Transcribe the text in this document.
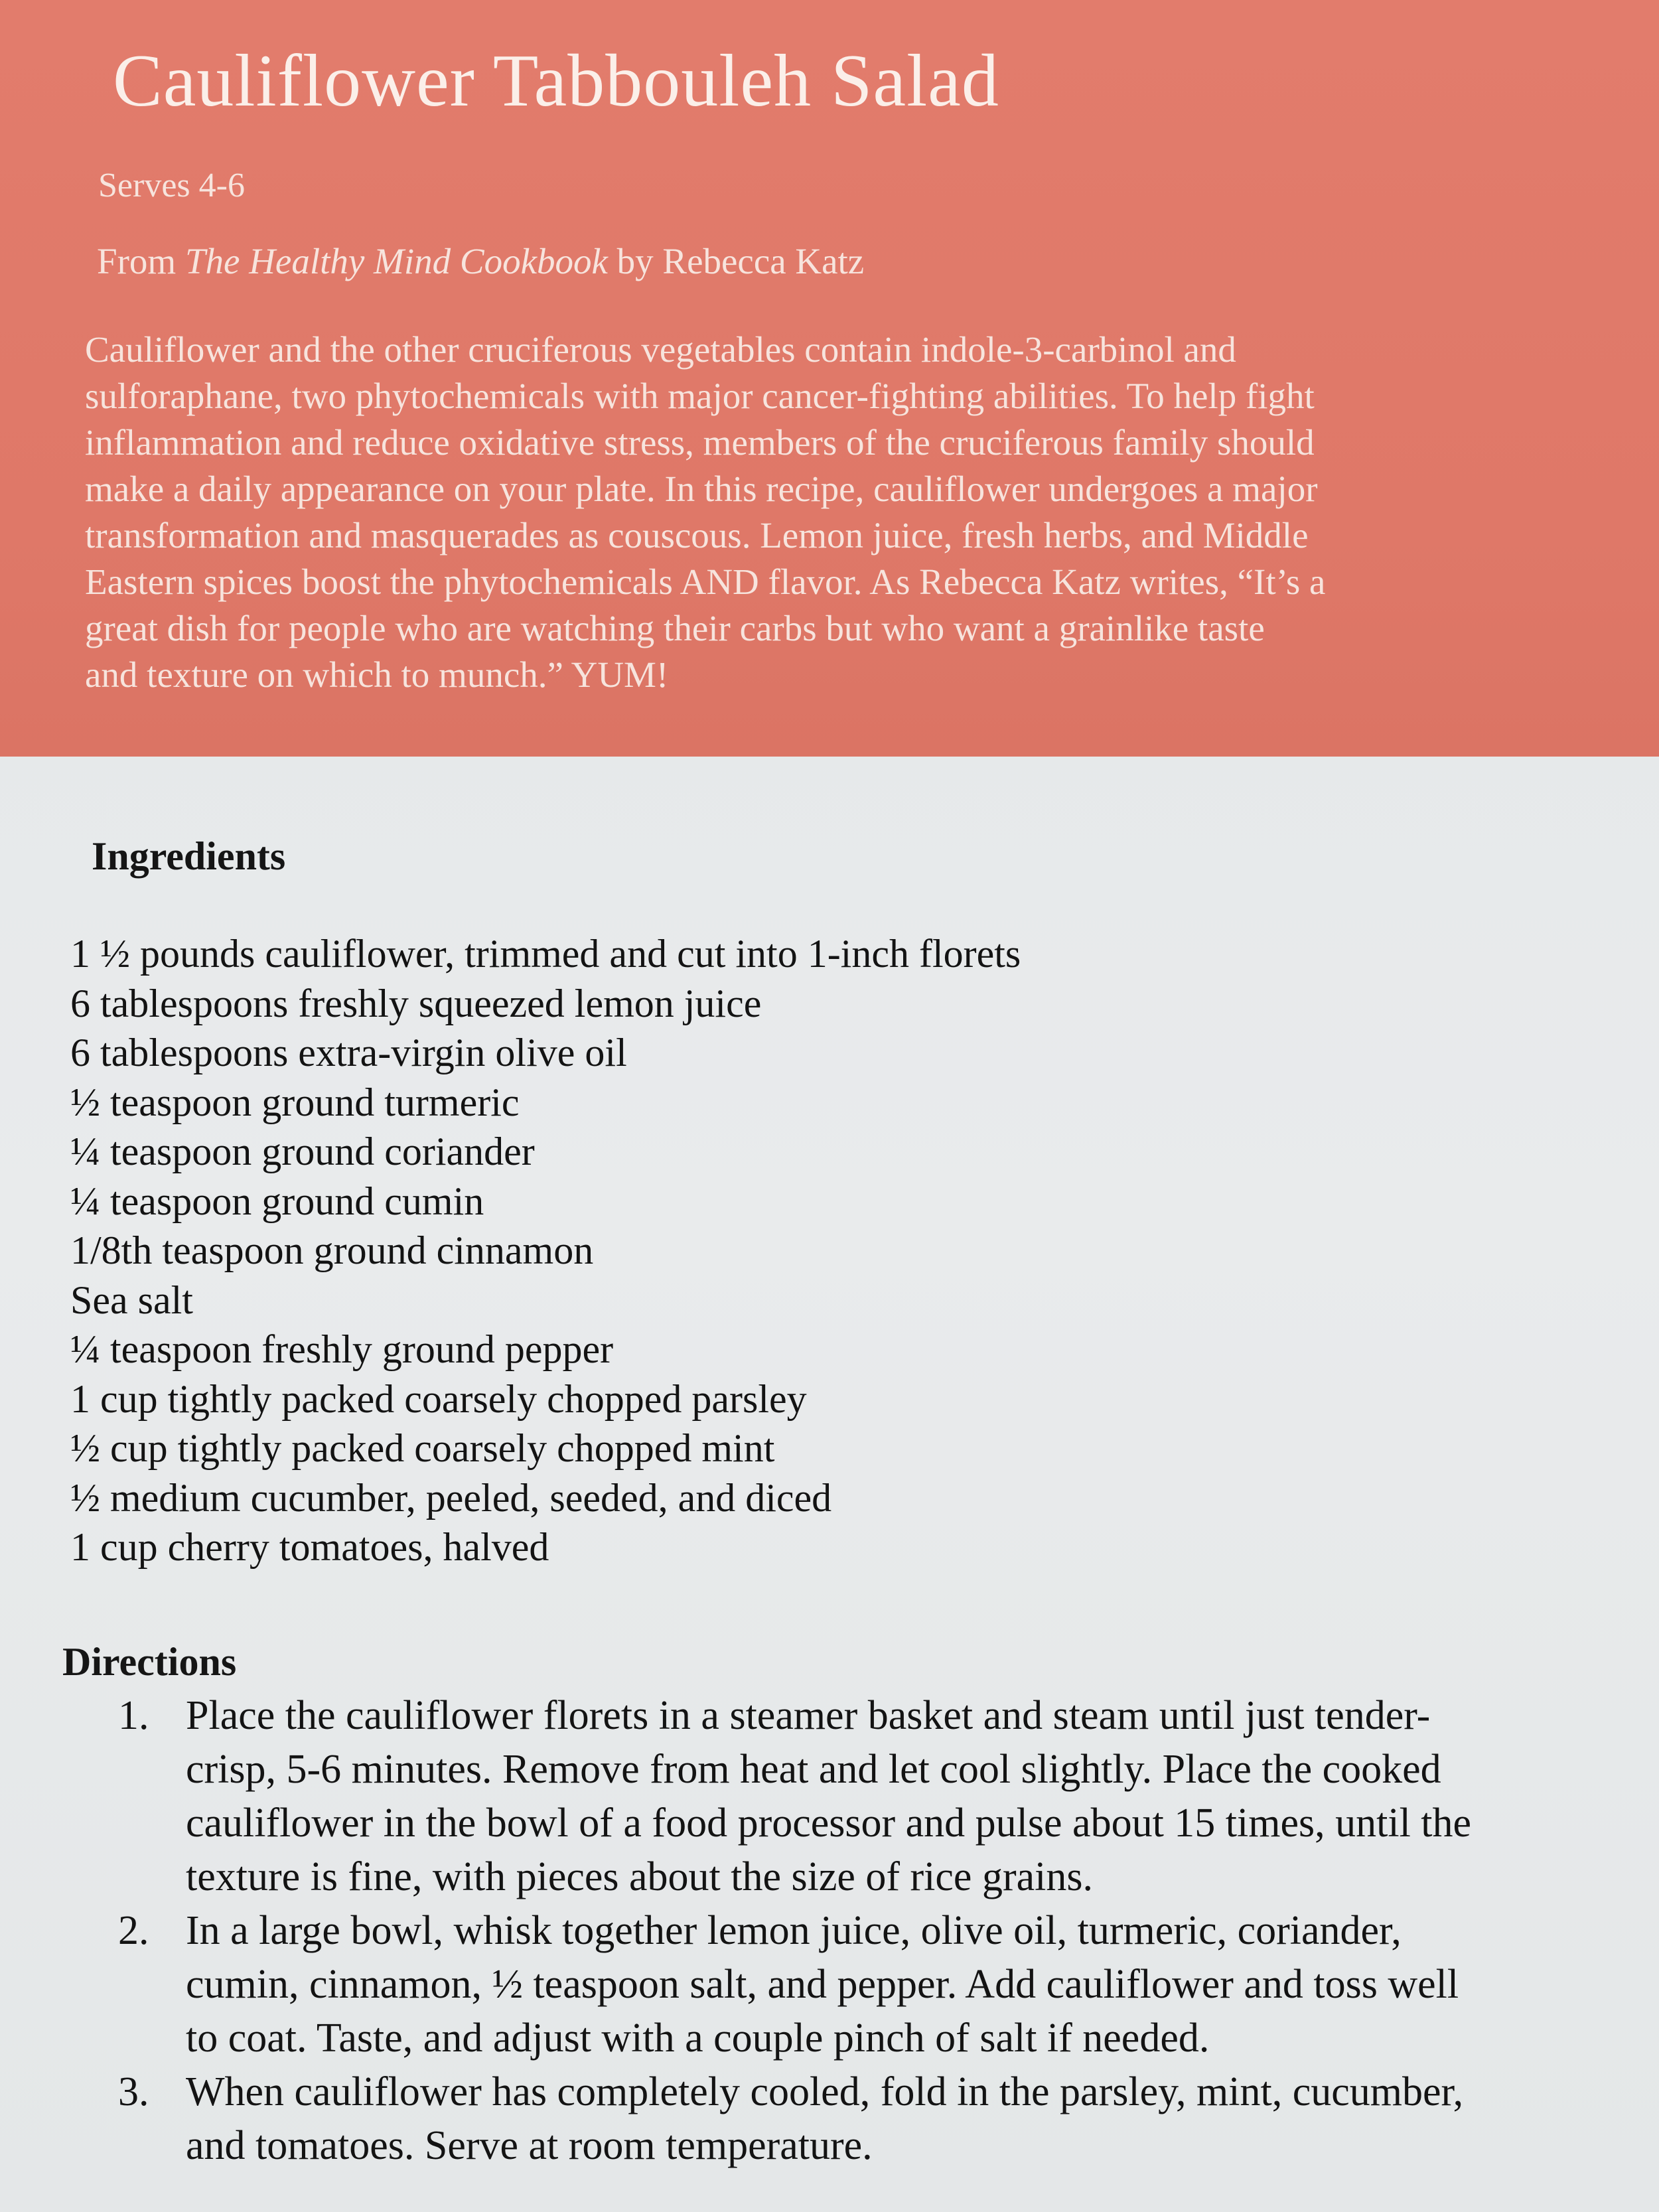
Cauliflower Tabbouleh Salad
Serves 4-6
From The Healthy Mind Cookbook by Rebecca Katz
Cauliflower and the other cruciferous vegetables contain indole-3-carbinol and
sulforaphane, two phytochemicals with major cancer-fighting abilities. To help fight
inflammation and reduce oxidative stress, members of the cruciferous family should
make a daily appearance on your plate. In this recipe, cauliflower undergoes a major
transformation and masquerades as couscous. Lemon juice, fresh herbs, and Middle
Eastern spices boost the phytochemicals AND flavor. As Rebecca Katz writes, “It’s a
great dish for people who are watching their carbs but who want a grainlike taste
and texture on which to munch.” YUM!
Ingredients
1 ½ pounds cauliflower, trimmed and cut into 1-inch florets
6 tablespoons freshly squeezed lemon juice
6 tablespoons extra-virgin olive oil
½ teaspoon ground turmeric
¼ teaspoon ground coriander
¼ teaspoon ground cumin
1/8th teaspoon ground cinnamon
Sea salt
¼ teaspoon freshly ground pepper
1 cup tightly packed coarsely chopped parsley
½ cup tightly packed coarsely chopped mint
½ medium cucumber, peeled, seeded, and diced
1 cup cherry tomatoes, halved
Directions
1. Place the cauliflower florets in a steamer basket and steam until just tender-
crisp, 5-6 minutes. Remove from heat and let cool slightly. Place the cooked
cauliflower in the bowl of a food processor and pulse about 15 times, until the
texture is fine, with pieces about the size of rice grains.
2. In a large bowl, whisk together lemon juice, olive oil, turmeric, coriander,
cumin, cinnamon, ½ teaspoon salt, and pepper. Add cauliflower and toss well
to coat. Taste, and adjust with a couple pinch of salt if needed.
3. When cauliflower has completely cooled, fold in the parsley, mint, cucumber,
and tomatoes. Serve at room temperature.
